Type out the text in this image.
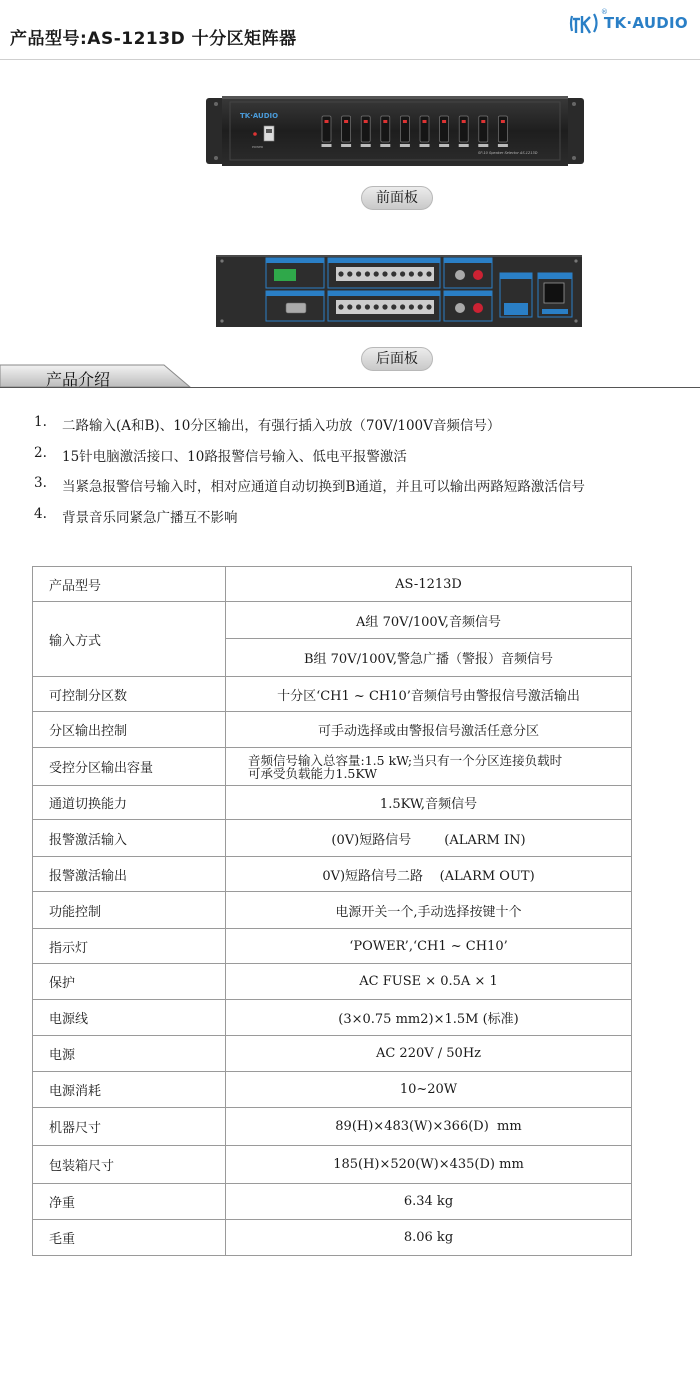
产品型号:AS-1213D 十分区矩阵器
®
TK·AUDIO
TK·AUDIO
POWER
SP-10 Speaker Selector AS-1213D
前面板
后面板
产品介绍
1.	二路输入(A和B)、10分区输出，有强行插入功放（70V/100V音频信号）
2.	15针电脑激活接口、10路报警信号输入、低电平报警激活
3.	当紧急报警信号输入时，相对应通道自动切换到B通道，并且可以输出两路短路激活信号
4.	背景音乐同紧急广播互不影响
产品型号	AS-1213D
输入方式	A组 70V/100V,音频信号
	B组 70V/100V,警急广播（警报）音频信号
可控制分区数	十分区‘CH1 ~ CH10’音频信号由警报信号激活输出
分区输出控制	可手动选择或由警报信号激活任意分区
受控分区输出容量	音频信号输入总容量:1.5 kW;当只有一个分区连接负载时
可承受负载能力1.5KW

通道切换能力	1.5KW,音频信号
报警激活输入	(0V)短路信号        (ALARM IN)
报警激活输出	0V)短路信号二路    (ALARM OUT)
功能控制	电源开关一个,手动选择按键十个
指示灯	‘POWER’,‘CH1 ~ CH10’
保护	AC FUSE × 0.5A × 1
电源线	(3×0.75 mm2)×1.5M (标准)
电源	AC 220V / 50Hz
电源消耗	10~20W
机器尺寸	89(H)×483(W)×366(D)  mm
包装箱尺寸	185(H)×520(W)×435(D) mm
净重	6.34 kg
毛重	8.06 kg
